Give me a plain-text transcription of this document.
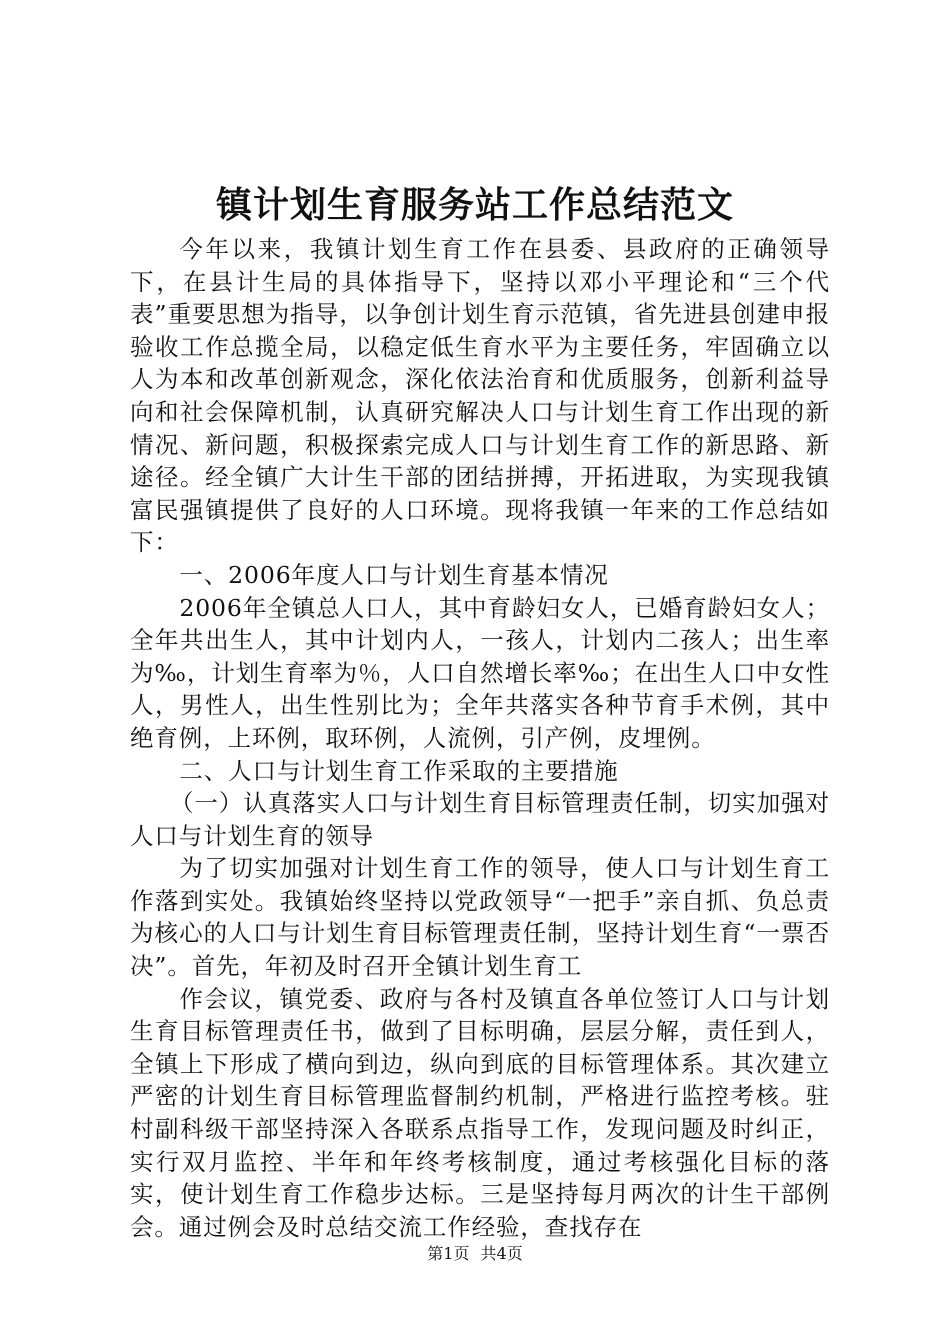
镇计划生育服务站工作总结范文

今年以来，我镇计划生育工作在县委、县政府的正确领导下，在县计生局的具体指导下，坚持以邓小平理论和“三个代表”重要思想为指导，以争创计划生育示范镇，省先进县创建申报验收工作总揽全局，以稳定低生育水平为主要任务，牢固确立以人为本和改革创新观念，深化依法治育和优质服务，创新利益导向和社会保障机制，认真研究解决人口与计划生育工作出现的新情况、新问题，积极探索完成人口与计划生育工作的新思路、新途径。经全镇广大计生干部的团结拼搏，开拓进取，为实现我镇富民强镇提供了良好的人口环境。现将我镇一年来的工作总结如下：

一、2006年度人口与计划生育基本情况

2006年全镇总人口人，其中育龄妇女人，已婚育龄妇女人；全年共出生人，其中计划内人，一孩人，计划内二孩人；出生率为‰，计划生育率为％，人口自然增长率‰；在出生人口中女性人，男性人，出生性别比为；全年共落实各种节育手术例，其中绝育例，上环例，取环例，人流例，引产例，皮埋例。

二、人口与计划生育工作采取的主要措施

（一）认真落实人口与计划生育目标管理责任制，切实加强对人口与计划生育的领导

为了切实加强对计划生育工作的领导，使人口与计划生育工作落到实处。我镇始终坚持以党政领导“一把手”亲自抓、负总责为核心的人口与计划生育目标管理责任制，坚持计划生育“一票否决”。首先，年初及时召开全镇计划生育工

作会议，镇党委、政府与各村及镇直各单位签订人口与计划生育目标管理责任书，做到了目标明确，层层分解，责任到人，全镇上下形成了横向到边，纵向到底的目标管理体系。其次建立严密的计划生育目标管理监督制约机制，严格进行监控考核。驻村副科级干部坚持深入各联系点指导工作，发现问题及时纠正，实行双月监控、半年和年终考核制度，通过考核强化目标的落实，使计划生育工作稳步达标。三是坚持每月两次的计生干部例会。通过例会及时总结交流工作经验，查找存在

第1页 共4页
